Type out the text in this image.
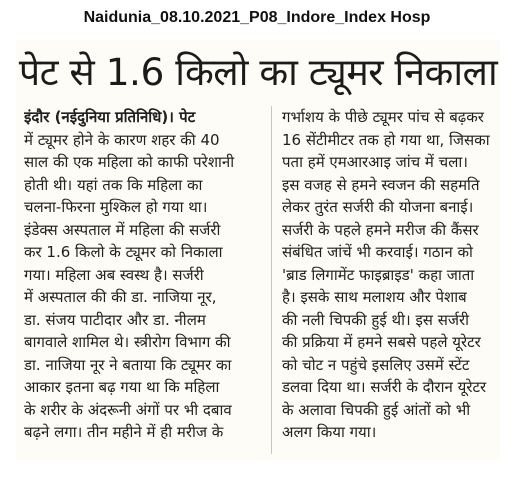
Naidunia_08.10.2021_P08_Indore_Index Hosp
पेट से 1.6 किलो का ट्यूमर निकाला
इंदौर (नईदुनिया प्रतिनिधि)। पेट
में ट्यूमर होने के कारण शहर की 40
साल की एक महिला को काफी परेशानी
होती थी। यहां तक कि महिला का
चलना-फिरना मुश्किल हो गया था।
इंडेक्स अस्पताल में महिला की सर्जरी
कर 1.6 किलो के ट्यूमर को निकाला
गया। महिला अब स्वस्थ है। सर्जरी
में अस्पताल की की डा. नाजिया नूर,
डा. संजय पाटीदार और डा. नीलम
बागवाले शामिल थे। स्त्रीरोग विभाग की
डा. नाजिया नूर ने बताया कि ट्यूमर का
आकार इतना बढ़ गया था कि महिला
के शरीर के अंदरूनी अंगों पर भी दबाव
बढ़ने लगा। तीन महीने में ही मरीज के
गर्भाशय के पीछे ट्यूमर पांच से बढ़कर
16 सेंटीमीटर तक हो गया था, जिसका
पता हमें एमआरआइ जांच में चला।
इस वजह से हमने स्वजन की सहमति
लेकर तुरंत सर्जरी की योजना बनाई।
सर्जरी के पहले हमने मरीज की कैंसर
संबंधित जांचें भी करवाई। गठान को
'ब्राड लिगामेंट फाइब्राइड' कहा जाता
है। इसके साथ मलाशय और पेशाब
की नली चिपकी हुई थी। इस सर्जरी
की प्रक्रिया में हमने सबसे पहले यूरेटर
को चोट न पहुंचे इसलिए उसमें स्टेंट
डलवा दिया था। सर्जरी के दौरान यूरेटर
के अलावा चिपकी हुई आंतों को भी
अलग किया गया।
